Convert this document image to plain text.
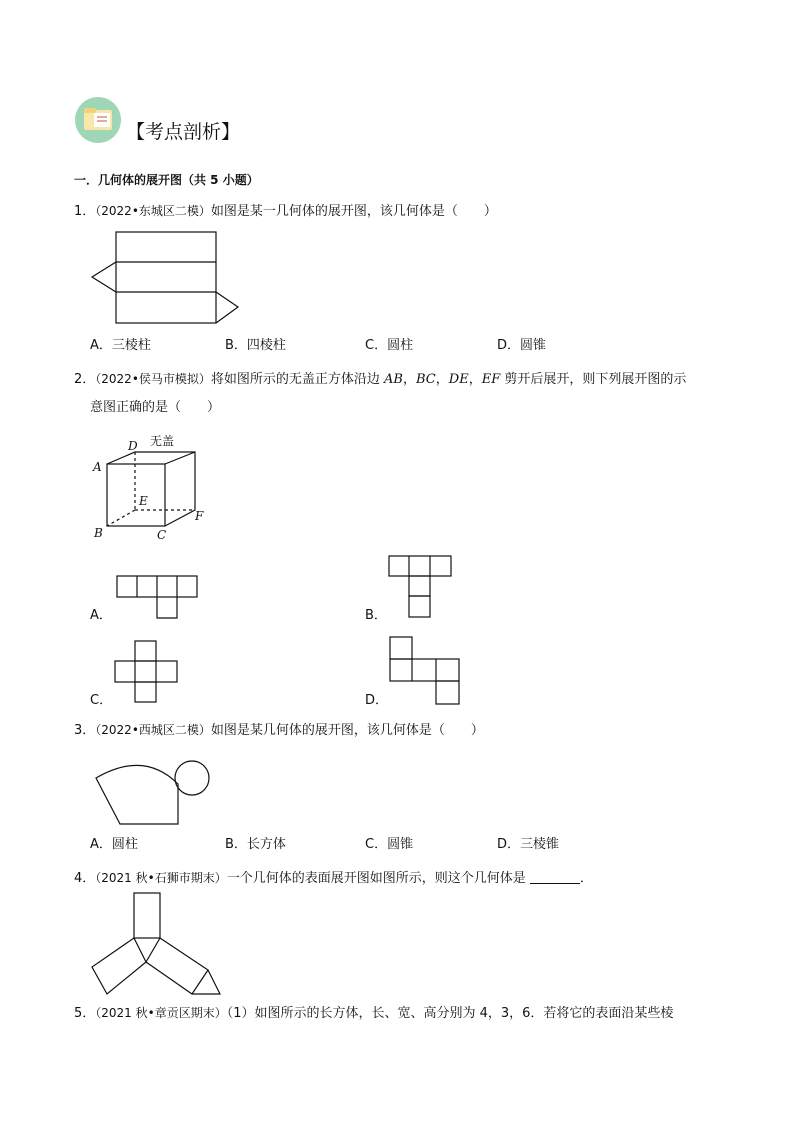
【考点剖析】
一．几何体的展开图（共 5 小题）
1．（2022•东城区二模）如图是某一几何体的展开图，该几何体是（　　）
A．三棱柱	B．四棱柱	C．圆柱	D．圆锥
2．（2022•侯马市模拟）将如图所示的无盖正方体沿边 AB，BC，DE，EF 剪开后展开，则下列展开图的示
意图正确的是（　　）
无盖
D
A
E
F
B	C
A．	B．
C．	D．
3．（2022•西城区二模）如图是某几何体的展开图，该几何体是（　　）
A．圆柱	B．长方体	C．圆锥	D．三棱锥
4．（2021 秋•石狮市期末）一个几何体的表面展开图如图所示，则这个几何体是	．
5．（2021 秋•章贡区期末）（1）如图所示的长方体，长、宽、高分别为 4，3，6．若将它的表面沿某些棱
